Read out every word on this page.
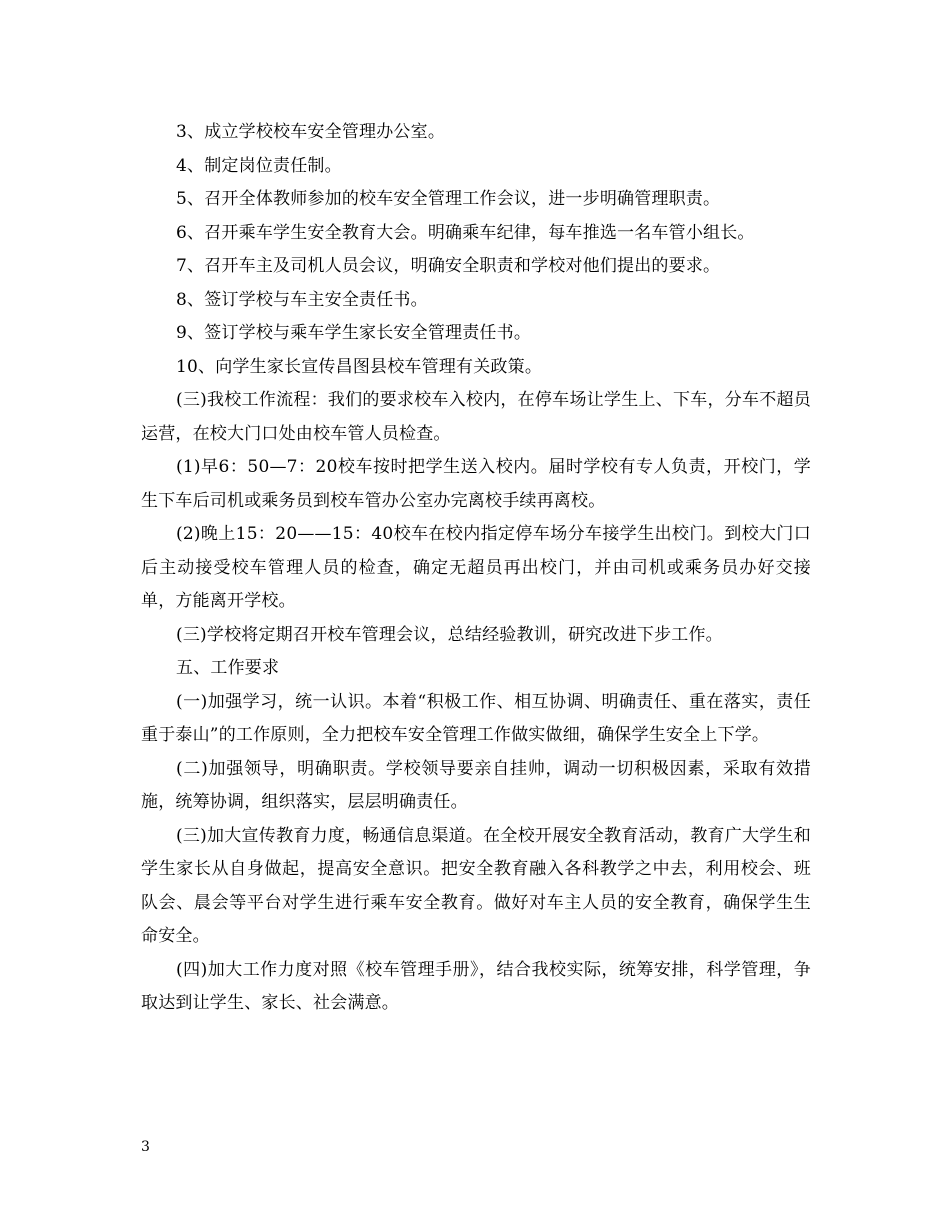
3、成立学校校车安全管理办公室。

4、制定岗位责任制。

5、召开全体教师参加的校车安全管理工作会议，进一步明确管理职责。

6、召开乘车学生安全教育大会。明确乘车纪律，每车推选一名车管小组长。

7、召开车主及司机人员会议，明确安全职责和学校对他们提出的要求。

8、签订学校与车主安全责任书。

9、签订学校与乘车学生家长安全管理责任书。

10、向学生家长宣传昌图县校车管理有关政策。

(三)我校工作流程：我们的要求校车入校内，在停车场让学生上、下车，分车不超员运营，在校大门口处由校车管人员检查。

(1)早6：50—7：20校车按时把学生送入校内。届时学校有专人负责，开校门，学生下车后司机或乘务员到校车管办公室办完离校手续再离校。

(2)晚上15：20——15：40校车在校内指定停车场分车接学生出校门。到校大门口后主动接受校车管理人员的检查，确定无超员再出校门，并由司机或乘务员办好交接单，方能离开学校。

(三)学校将定期召开校车管理会议，总结经验教训，研究改进下步工作。

五、工作要求

(一)加强学习，统一认识。本着“积极工作、相互协调、明确责任、重在落实，责任重于泰山”的工作原则，全力把校车安全管理工作做实做细，确保学生安全上下学。

(二)加强领导，明确职责。学校领导要亲自挂帅，调动一切积极因素，采取有效措施，统筹协调，组织落实，层层明确责任。

(三)加大宣传教育力度，畅通信息渠道。在全校开展安全教育活动，教育广大学生和学生家长从自身做起，提高安全意识。把安全教育融入各科教学之中去，利用校会、班队会、晨会等平台对学生进行乘车安全教育。做好对车主人员的安全教育，确保学生生命安全。

(四)加大工作力度对照《校车管理手册》，结合我校实际，统筹安排，科学管理，争取达到让学生、家长、社会满意。

3
